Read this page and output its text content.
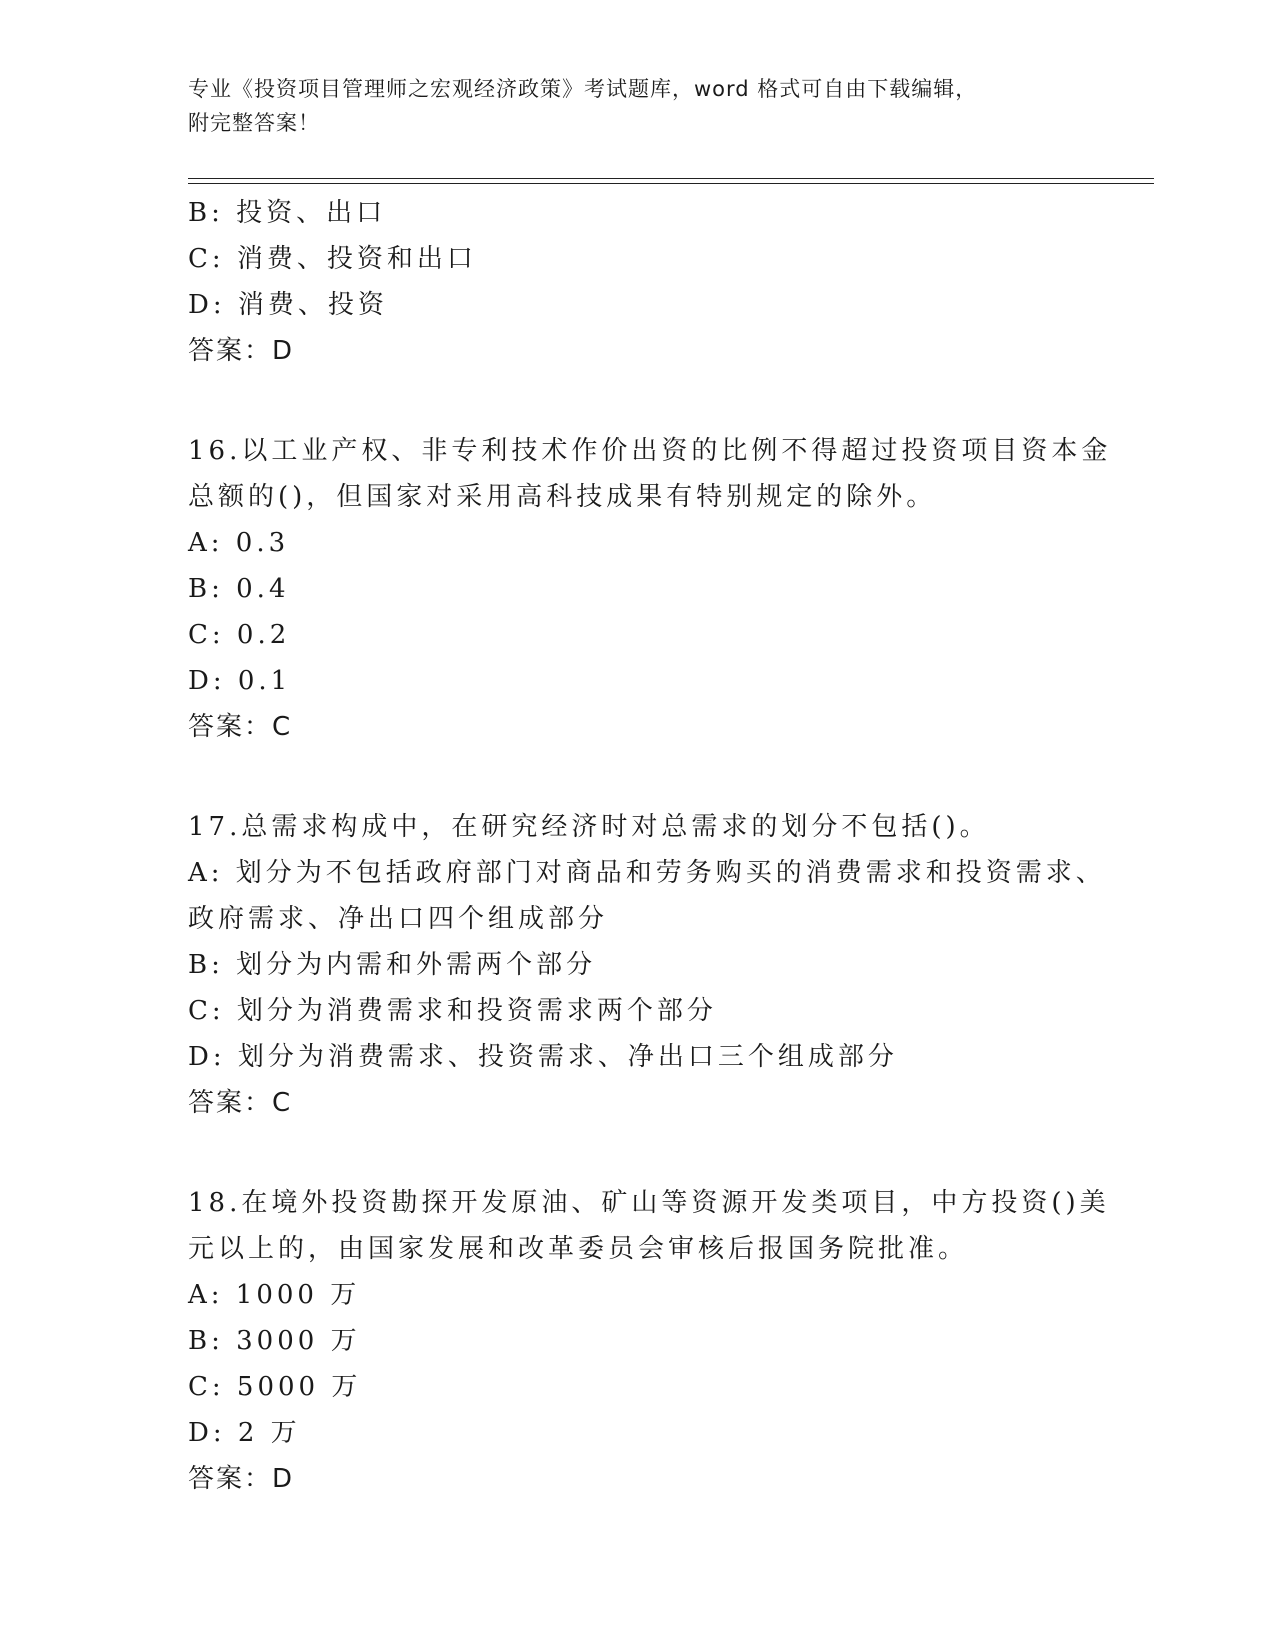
专业《投资项目管理师之宏观经济政策》考试题库，word 格式可自由下载编辑，
附完整答案！
B: 投资、出口
C: 消费、投资和出口
D: 消费、投资
答案：D
16.以工业产权、非专利技术作价出资的比例不得超过投资项目资本金
总额的()，但国家对采用高科技成果有特别规定的除外。
A: 0.3
B: 0.4
C: 0.2
D: 0.1
答案：C
17.总需求构成中，在研究经济时对总需求的划分不包括()。
A: 划分为不包括政府部门对商品和劳务购买的消费需求和投资需求、
政府需求、净出口四个组成部分
B: 划分为内需和外需两个部分
C: 划分为消费需求和投资需求两个部分
D: 划分为消费需求、投资需求、净出口三个组成部分
答案：C
18.在境外投资勘探开发原油、矿山等资源开发类项目，中方投资()美
元以上的，由国家发展和改革委员会审核后报国务院批准。
A: 1000 万
B: 3000 万
C: 5000 万
D: 2 万
答案：D
